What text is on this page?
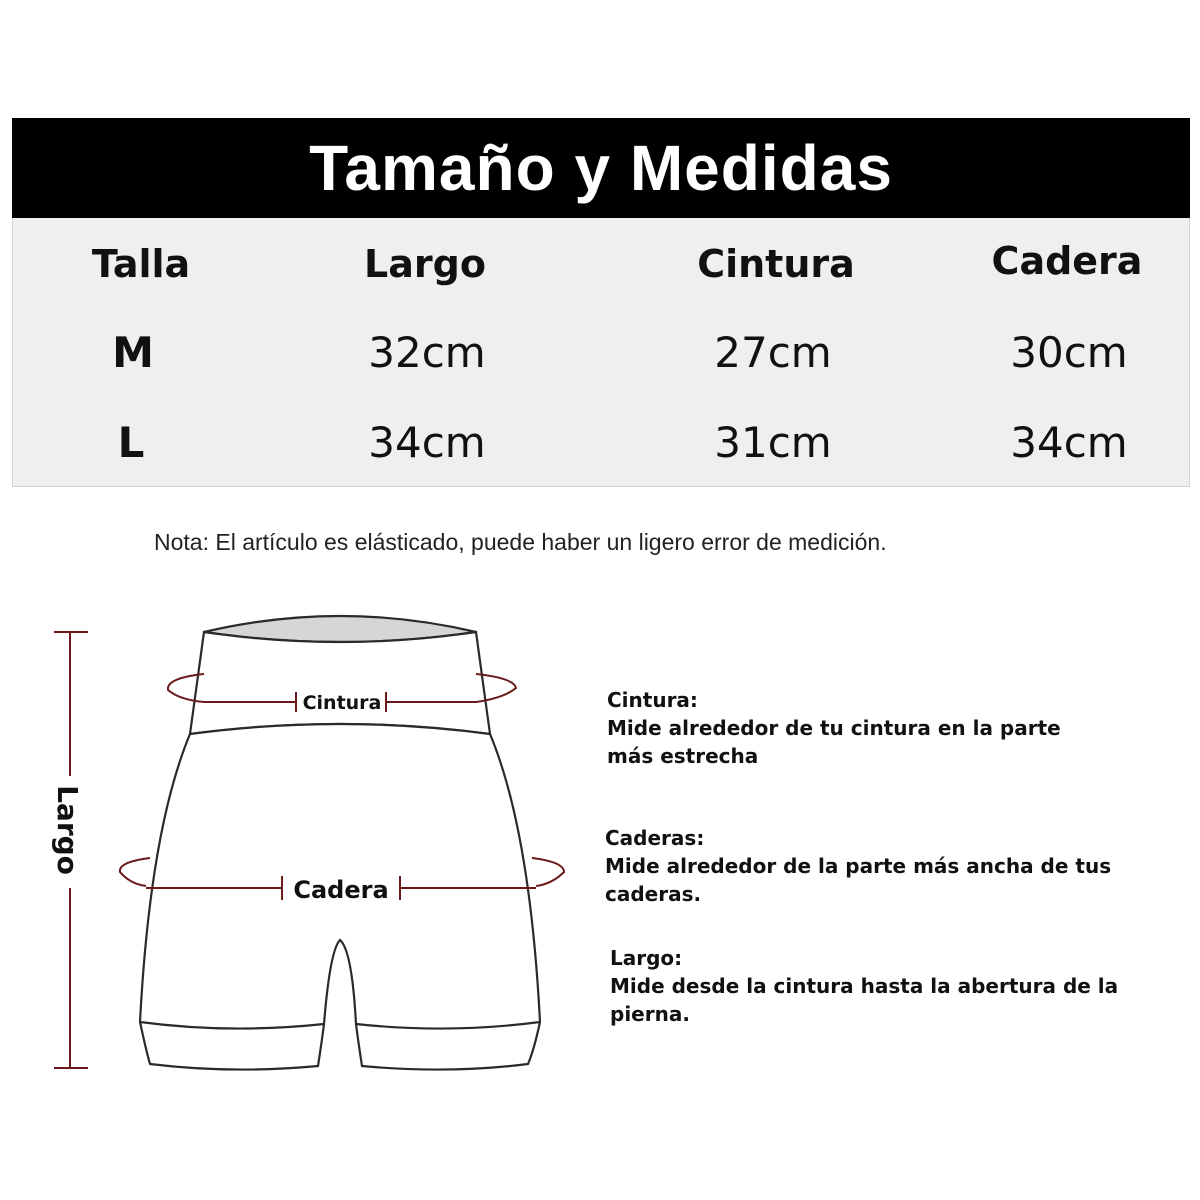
Tamaño y Medidas
Talla	Largo	Cintura	Cadera
M	32cm	27cm	30cm
L	34cm	31cm	34cm
Nota: El artículo es elásticado, puede haber un ligero error de medición.
Largo
Cintura
Cadera
Cintura:
Mide alrededor de tu cintura en la parte
más estrecha
Caderas:
Mide alrededor de la parte más ancha de tus
caderas.
Largo:
Mide desde la cintura hasta la abertura de la pierna.
